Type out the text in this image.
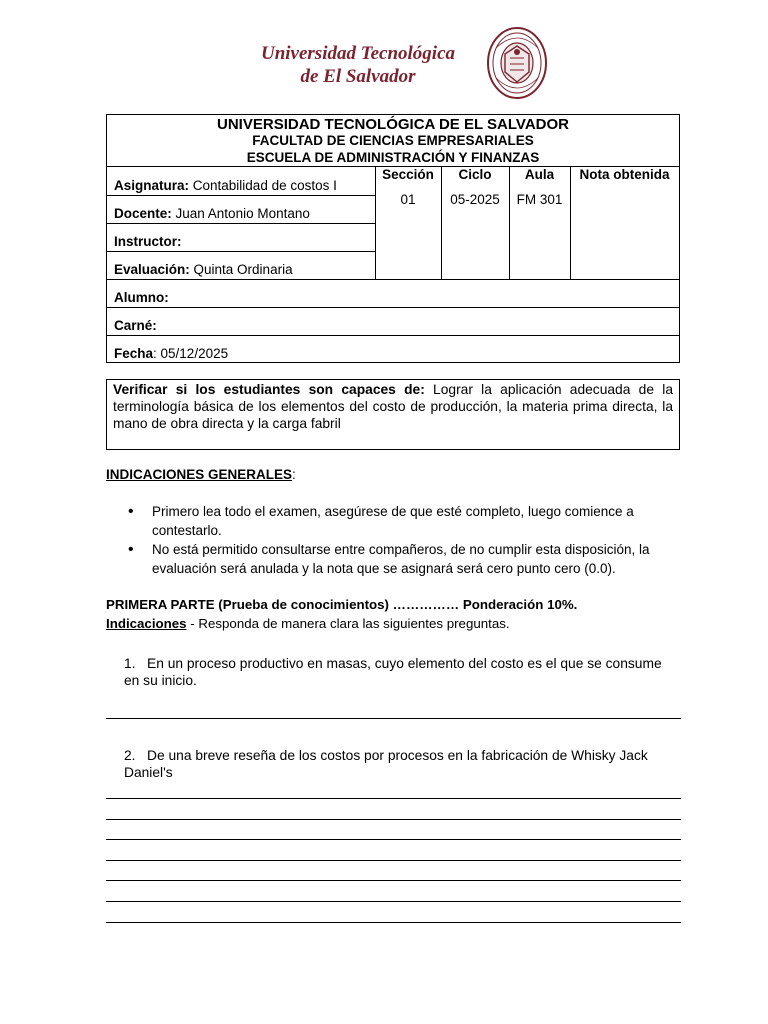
Universidad Tecnológica
de El Salvador
UNIVERSIDAD TECNOLÓGICA DE EL SALVADOR
FACULTAD DE CIENCIAS EMPRESARIALES
ESCUELA DE ADMINISTRACIÓN Y FINANZAS
Asignatura: Contabilidad de costos I
Docente: Juan Antonio Montano
Instructor:
Evaluación: Quinta Ordinaria
Sección	Ciclo	Aula	Nota obtenida
01	05-2025	FM 301
Alumno:
Carné:
Fecha: 05/12/2025
Verificar si los estudiantes son capaces de: Lograr la aplicación adecuada de la terminología básica de los elementos del costo de producción, la materia prima directa, la mano de obra directa y la carga fabril
INDICACIONES GENERALES:
• Primero lea todo el examen, asegúrese de que esté completo, luego comience a contestarlo.
• No está permitido consultarse entre compañeros, de no cumplir esta disposición, la evaluación será anulada y la nota que se asignará será cero punto cero (0.0).
PRIMERA PARTE (Prueba de conocimientos) …………… Ponderación 10%.
Indicaciones - Responda de manera clara las siguientes preguntas.
1. En un proceso productivo en masas, cuyo elemento del costo es el que se consume en su inicio.
2. De una breve reseña de los costos por procesos en la fabricación de Whisky Jack Daniel's
